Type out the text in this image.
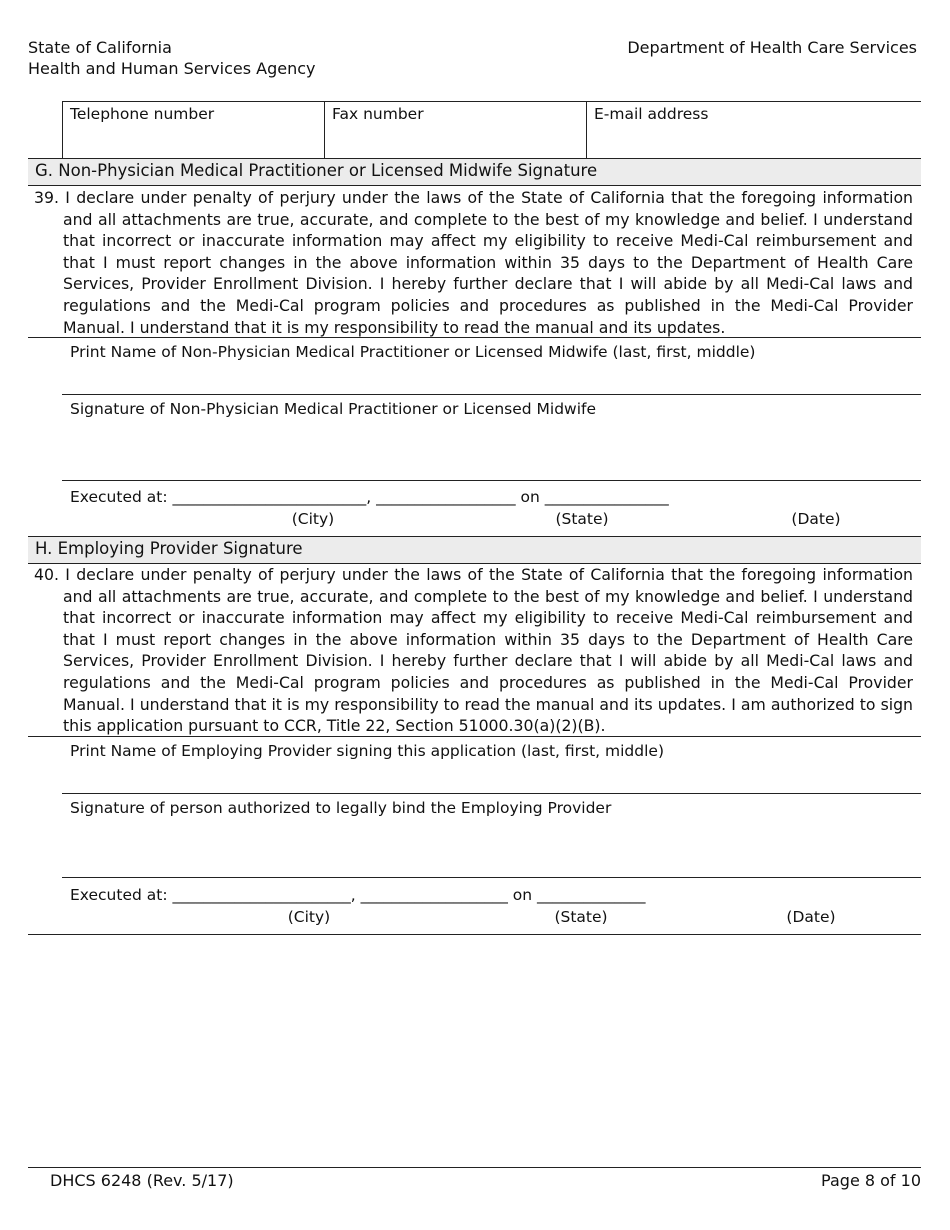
State of California
Health and Human Services Agency
Department of Health Care Services
Telephone number	Fax number	E-mail address
G. Non-Physician Medical Practitioner or Licensed Midwife Signature
39. I declare under penalty of perjury under the laws of the State of California that the foregoing information and all attachments are true, accurate, and complete to the best of my knowledge and belief. I understand that incorrect or inaccurate information may affect my eligibility to receive Medi-Cal reimbursement and that I must report changes in the above information within 35 days to the Department of Health Care Services, Provider Enrollment Division. I hereby further declare that I will abide by all Medi-Cal laws and regulations and the Medi-Cal program policies and procedures as published in the Medi-Cal Provider Manual. I understand that it is my responsibility to read the manual and its updates.
Print Name of Non-Physician Medical Practitioner or Licensed Midwife (last, first, middle)
Signature of Non-Physician Medical Practitioner or Licensed Midwife
Executed at: _________________________, __________________ on ________________
(City)	(State)	(Date)
H. Employing Provider Signature
40. I declare under penalty of perjury under the laws of the State of California that the foregoing information and all attachments are true, accurate, and complete to the best of my knowledge and belief. I understand that incorrect or inaccurate information may affect my eligibility to receive Medi-Cal reimbursement and that I must report changes in the above information within 35 days to the Department of Health Care Services, Provider Enrollment Division. I hereby further declare that I will abide by all Medi-Cal laws and regulations and the Medi-Cal program policies and procedures as published in the Medi-Cal Provider Manual. I understand that it is my responsibility to read the manual and its updates. I am authorized to sign this application pursuant to CCR, Title 22, Section 51000.30(a)(2)(B).
Print Name of Employing Provider signing this application (last, first, middle)
Signature of person authorized to legally bind the Employing Provider
Executed at: _______________________, ___________________ on ______________
(City)	(State)	(Date)
DHCS 6248 (Rev. 5/17)	Page 8 of 10
